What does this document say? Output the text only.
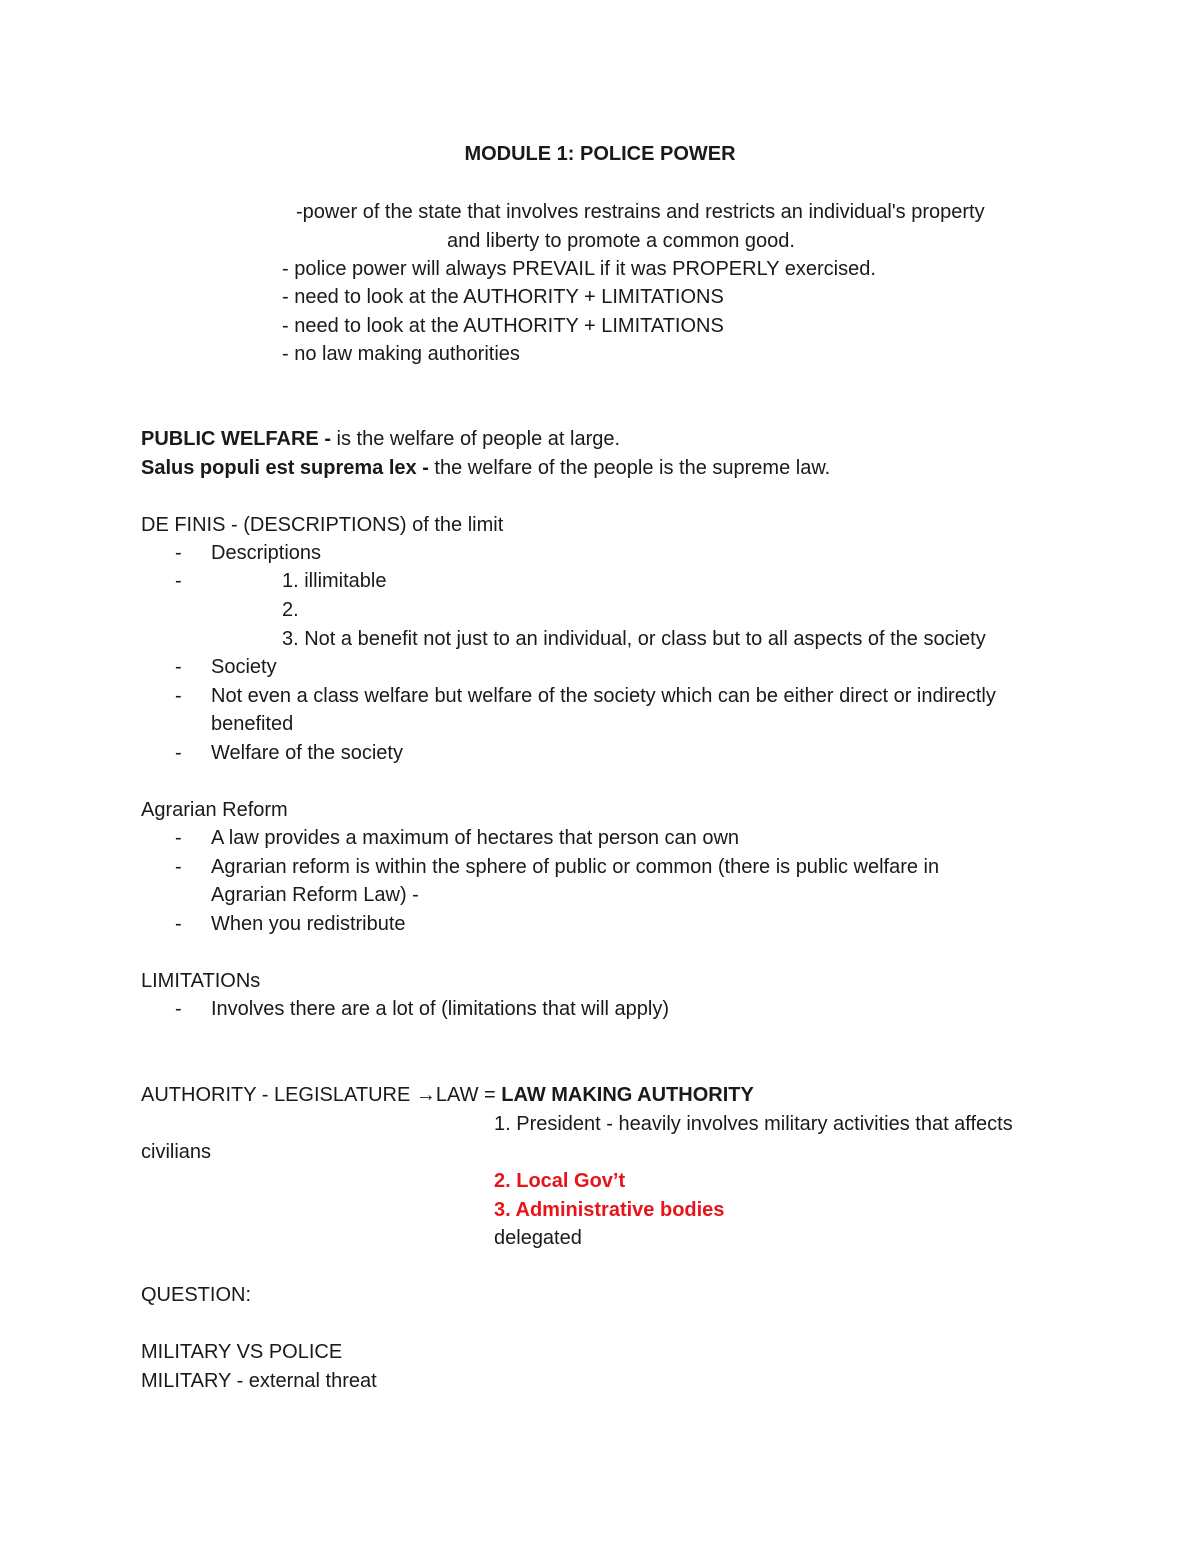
MODULE 1: POLICE POWER
-power of the state that involves restrains and restricts an individual's property
and liberty to promote a common good.
- police power will always PREVAIL if it was PROPERLY exercised.
- need to look at the AUTHORITY + LIMITATIONS
- need to look at the AUTHORITY + LIMITATIONS
- no law making authorities
PUBLIC WELFARE - is the welfare of people at large.
Salus populi est suprema lex - the welfare of the people is the supreme law.
DE FINIS - (DESCRIPTIONS) of the limit
- Descriptions
-	1. illimitable
2.
3. Not a benefit not just to an individual, or class but to all aspects of the society
- Society
- Not even a class welfare but welfare of the society which can be either direct or indirectly
benefited
- Welfare of the society
Agrarian Reform
- A law provides a maximum of hectares that person can own
- Agrarian reform is within the sphere of public or common (there is public welfare in
Agrarian Reform Law) -
- When you redistribute
LIMITATIONs
- Involves there are a lot of (limitations that will apply)
AUTHORITY - LEGISLATURE →LAW = LAW MAKING AUTHORITY
1. President - heavily involves military activities that affects
civilians
2. Local Gov’t
3. Administrative bodies
delegated
QUESTION:
MILITARY VS POLICE
MILITARY - external threat
